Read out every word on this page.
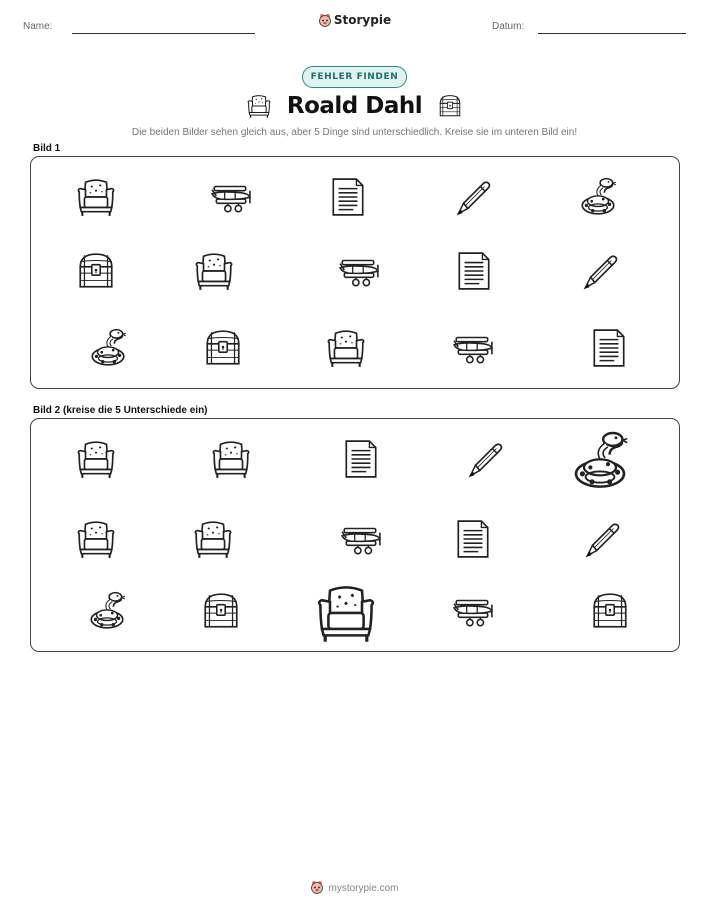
Name:	Storypie	Datum:
FEHLER FINDEN
Roald Dahl
Die beiden Bilder sehen gleich aus, aber 5 Dinge sind unterschiedlich. Kreise sie im unteren Bild ein!
Bild 1
Bild 2 (kreise die 5 Unterschiede ein)
mystorypie.com
